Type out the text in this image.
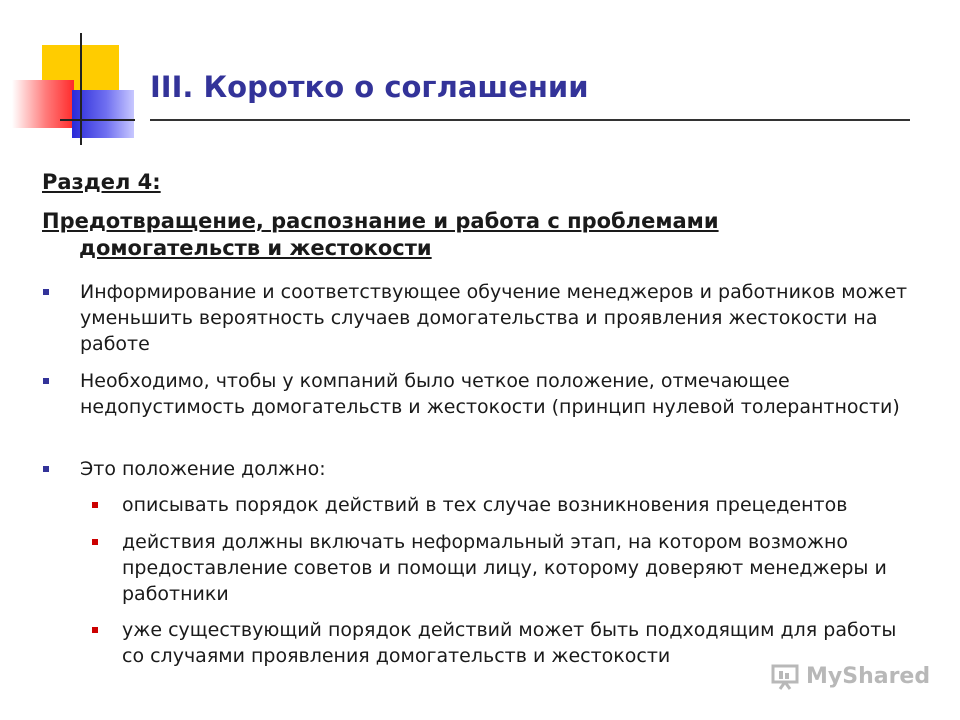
III. Коротко о соглашении

Раздел 4:

Предотвращение, распознание и работа с проблемами
домогательств и жестокости

Информирование и соответствующее обучение менеджеров и работников может уменьшить вероятность случаев домогательства и проявления жестокости на работе
Необходимо, чтобы у компаний было четкое положение, отмечающее недопустимость домогательств и жестокости (принцип нулевой толерантности)
Это положение должно:
описывать порядок действий в тех случае возникновения прецедентов
действия должны включать неформальный этап, на котором возможно предоставление советов и помощи лицу, которому доверяют менеджеры и работники
уже существующий порядок действий может быть подходящим для работы со случаями проявления домогательств и жестокости
MyShared
